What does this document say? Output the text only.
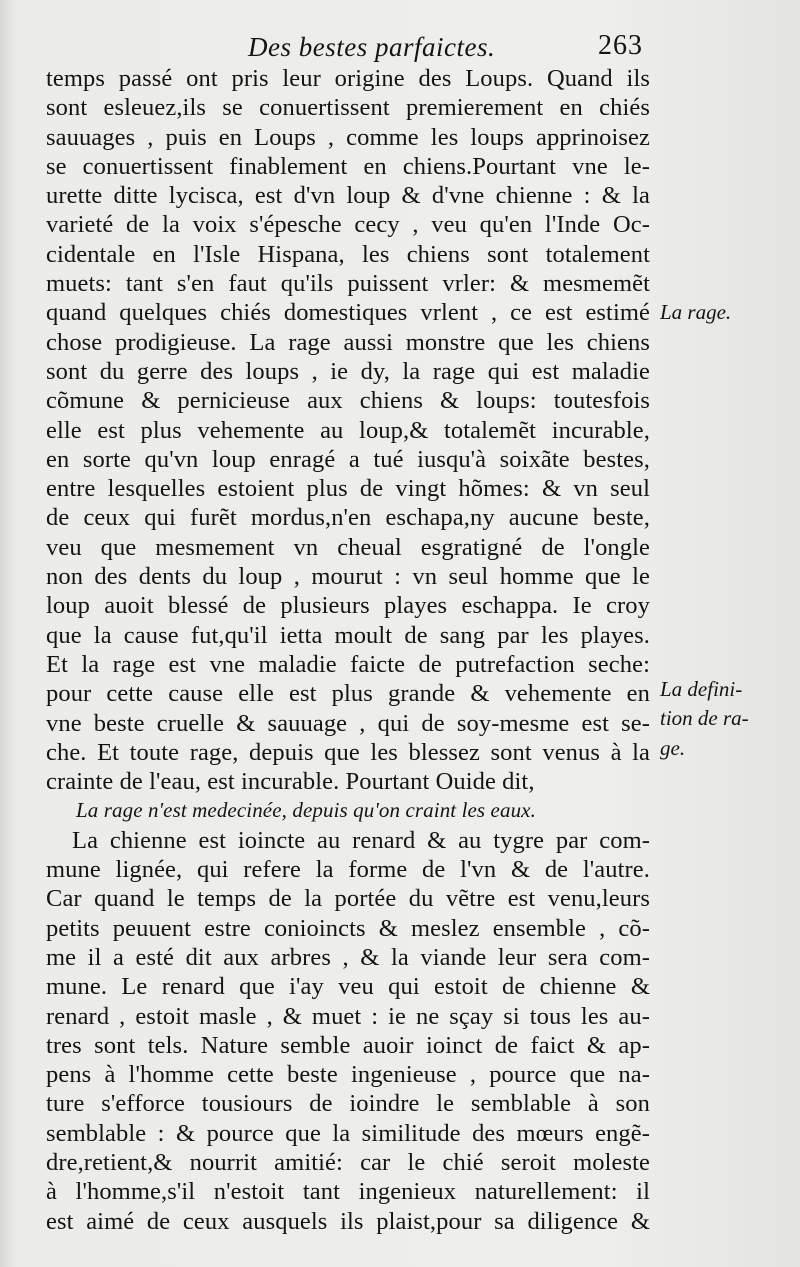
Des bestes parfaictes.	263
temps passé ont pris leur origine des Loups. Quand ils
sont esleuez,ils se conuertissent premierement en chiés
sauuages , puis en Loups , comme les loups apprinoisez
se conuertissent finablement en chiens.Pourtant vne le-
urette ditte lycisca, est d'vn loup & d'vne chienne : & la
varieté de la voix s'épesche cecy , veu qu'en l'Inde Oc-
cidentale en l'Isle Hispana, les chiens sont totalement
muets: tant s'en faut qu'ils puissent vrler: & mesmemẽt
quand quelques chiés domestiques vrlent , ce est estimé
chose prodigieuse. La rage aussi monstre que les chiens
sont du gerre des loups , ie dy, la rage qui est maladie
cõmune & pernicieuse aux chiens & loups: toutesfois
elle est plus vehemente au loup,& totalemẽt incurable,
en sorte qu'vn loup enragé a tué iusqu'à soixãte bestes,
entre lesquelles estoient plus de vingt hõmes: & vn seul
de ceux qui furẽt mordus,n'en eschapa,ny aucune beste,
veu que mesmement vn cheual esgratigné de l'ongle
non des dents du loup , mourut : vn seul homme que le
loup auoit blessé de plusieurs playes eschappa. Ie croy
que la cause fut,qu'il ietta moult de sang par les playes.
Et la rage est vne maladie faicte de putrefaction seche:
pour cette cause elle est plus grande & vehemente en
vne beste cruelle & sauuage , qui de soy-mesme est se-
che. Et toute rage, depuis que les blessez sont venus à la
crainte de l'eau, est incurable. Pourtant Ouide dit,
La rage n'est medecinée, depuis qu'on craint les eaux.
La chienne est ioincte au renard & au tygre par com-
mune lignée, qui refere la forme de l'vn & de l'autre.
Car quand le temps de la portée du vẽtre est venu,leurs
petits peuuent estre conioincts & meslez ensemble , cõ-
me il a esté dit aux arbres , & la viande leur sera com-
mune. Le renard que i'ay veu qui estoit de chienne &
renard , estoit masle , & muet : ie ne sçay si tous les au-
tres sont tels. Nature semble auoir ioinct de faict & ap-
pens à l'homme cette beste ingenieuse , pource que na-
ture s'efforce tousiours de ioindre le semblable à son
semblable : & pource que la similitude des mœurs engẽ-
dre,retient,& nourrit amitié: car le chié seroit moleste
à l'homme,s'il n'estoit tant ingenieux naturellement: il
est aimé de ceux ausquels ils plaist,pour sa diligence &
La rage.
La defini-
tion de ra-
ge.
